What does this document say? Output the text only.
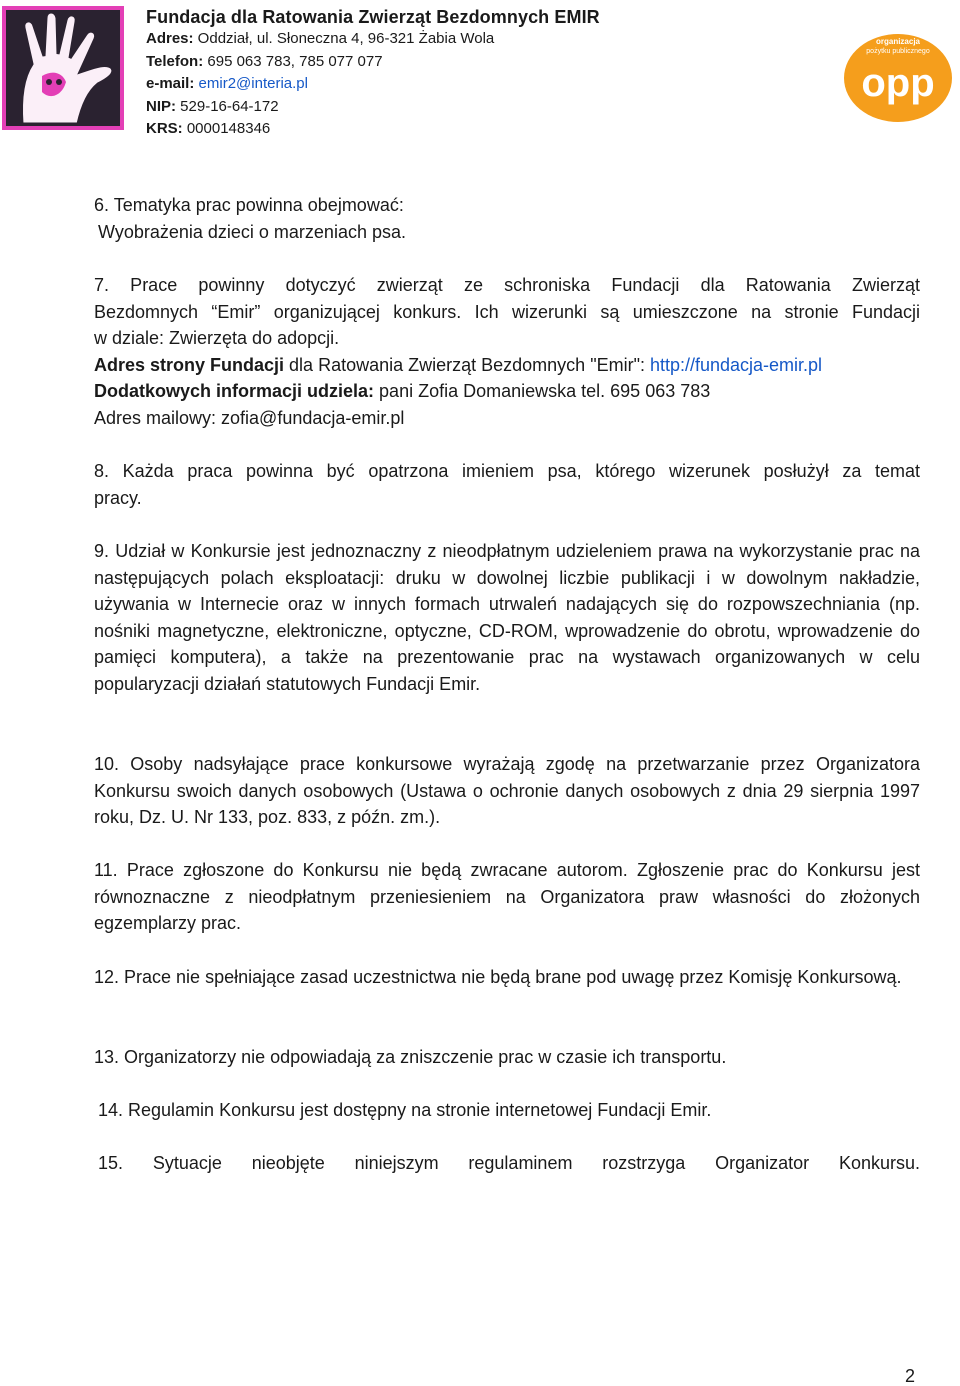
Fundacja dla Ratowania Zwierząt Bezdomnych EMIR
Adres: Oddział, ul. Słoneczna 4, 96-321 Żabia Wola
Telefon: 695 063 783, 785 077 077
e-mail: emir2@interia.pl
NIP: 529-16-64-172
KRS: 0000148346
organizacja
pożytku publicznego
opp

6. Tematyka prac powinna obejmować:

Wyobrażenia dzieci o marzeniach psa.

7. Prace powinny dotyczyć zwierząt ze schroniska Fundacji dla Ratowania Zwierząt

Bezdomnych “Emir” organizującej konkurs. Ich wizerunki są umieszczone na stronie Fundacji

w dziale: Zwierzęta do adopcji.

Adres strony Fundacji dla Ratowania Zwierząt Bezdomnych "Emir": http://fundacja-emir.pl

Dodatkowych informacji udziela: pani Zofia Domaniewska tel. 695 063 783

Adres mailowy: zofia@fundacja-emir.pl

8. Każda praca powinna być opatrzona imieniem psa, którego wizerunek posłużył za temat

pracy.

9. Udział w Konkursie jest jednoznaczny z nieodpłatnym udzieleniem prawa na wykorzystanie prac na następujących polach eksploatacji: druku w dowolnej liczbie publikacji i w dowolnym nakładzie, używania w Internecie oraz w innych formach utrwaleń nadających się do rozpowszechniania (np. nośniki magnetyczne, elektroniczne, optyczne, CD-ROM, wprowadzenie do obrotu, wprowadzenie do pamięci komputera), a także na prezentowanie prac na wystawach organizowanych w celu popularyzacji działań statutowych Fundacji Emir.

10. Osoby nadsyłające prace konkursowe wyrażają zgodę na przetwarzanie przez Organizatora Konkursu swoich danych osobowych (Ustawa o ochronie danych osobowych z dnia 29 sierpnia 1997 roku, Dz. U. Nr 133, poz. 833, z późn. zm.).

11. Prace zgłoszone do Konkursu nie będą zwracane autorom. Zgłoszenie prac do Konkursu jest równoznaczne z nieodpłatnym przeniesieniem na Organizatora praw własności do złożonych egzemplarzy prac.

12. Prace nie spełniające zasad uczestnictwa nie będą brane pod uwagę przez Komisję Konkursową.

13. Organizatorzy nie odpowiadają za zniszczenie prac w czasie ich transportu.

14. Regulamin Konkursu jest dostępny na stronie internetowej Fundacji Emir.

15. Sytuacje nieobjęte niniejszym regulaminem rozstrzyga Organizator Konkursu.

2
